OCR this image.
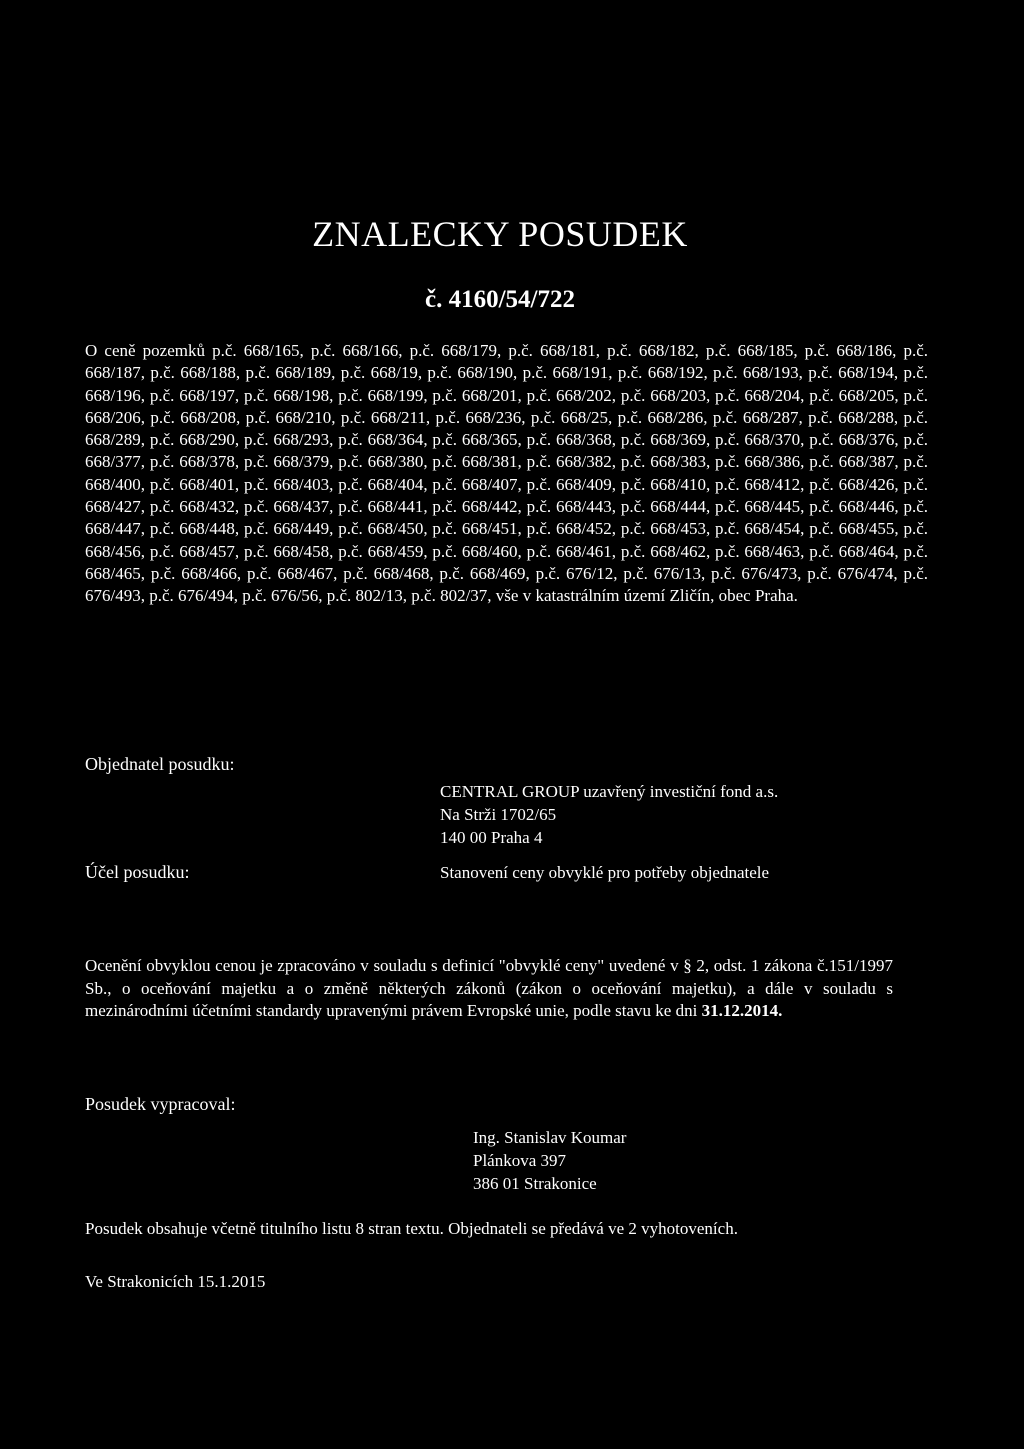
ZNALECKY POSUDEK
č. 4160/54/722
O ceně pozemků p.č. 668/165, p.č. 668/166, p.č. 668/179, p.č. 668/181, p.č. 668/182, p.č. 668/185, p.č. 668/186, p.č. 668/187, p.č. 668/188, p.č. 668/189, p.č. 668/19, p.č. 668/190, p.č. 668/191, p.č. 668/192, p.č. 668/193, p.č. 668/194, p.č. 668/196, p.č. 668/197, p.č. 668/198, p.č. 668/199, p.č. 668/201, p.č. 668/202, p.č. 668/203, p.č. 668/204, p.č. 668/205, p.č. 668/206, p.č. 668/208, p.č. 668/210, p.č. 668/211, p.č. 668/236, p.č. 668/25, p.č. 668/286, p.č. 668/287, p.č. 668/288, p.č. 668/289, p.č. 668/290, p.č. 668/293, p.č. 668/364, p.č. 668/365, p.č. 668/368, p.č. 668/369, p.č. 668/370, p.č. 668/376, p.č. 668/377, p.č. 668/378, p.č. 668/379, p.č. 668/380, p.č. 668/381, p.č. 668/382, p.č. 668/383, p.č. 668/386, p.č. 668/387, p.č. 668/400, p.č. 668/401, p.č. 668/403, p.č. 668/404, p.č. 668/407, p.č. 668/409, p.č. 668/410, p.č. 668/412, p.č. 668/426, p.č. 668/427, p.č. 668/432, p.č. 668/437, p.č. 668/441, p.č. 668/442, p.č. 668/443, p.č. 668/444, p.č. 668/445, p.č. 668/446, p.č. 668/447, p.č. 668/448, p.č. 668/449, p.č. 668/450, p.č. 668/451, p.č. 668/452, p.č. 668/453, p.č. 668/454, p.č. 668/455, p.č. 668/456, p.č. 668/457, p.č. 668/458, p.č. 668/459, p.č. 668/460, p.č. 668/461, p.č. 668/462, p.č. 668/463, p.č. 668/464, p.č. 668/465, p.č. 668/466, p.č. 668/467, p.č. 668/468, p.č. 668/469, p.č. 676/12, p.č. 676/13, p.č. 676/473, p.č. 676/474, p.č. 676/493, p.č. 676/494, p.č. 676/56, p.č. 802/13, p.č. 802/37, vše v katastrálním území Zličín, obec Praha.
Objednatel posudku:
CENTRAL GROUP uzavřený investiční fond a.s.
Na Strži 1702/65
140 00 Praha 4
Účel posudku:	Stanovení ceny obvyklé pro potřeby objednatele
Ocenění obvyklou cenou je zpracováno v souladu s definicí "obvyklé ceny" uvedené v § 2, odst. 1 zákona č.151/1997 Sb., o oceňování majetku a o změně některých zákonů (zákon o oceňování majetku), a dále v souladu s mezinárodními účetními standardy upravenými právem Evropské unie, podle stavu ke dni 31.12.2014.
Posudek vypracoval:
Ing. Stanislav Koumar
Plánkova 397
386 01 Strakonice
Posudek obsahuje včetně titulního listu 8 stran textu. Objednateli se předává ve 2 vyhotoveních.
Ve Strakonicích 15.1.2015
